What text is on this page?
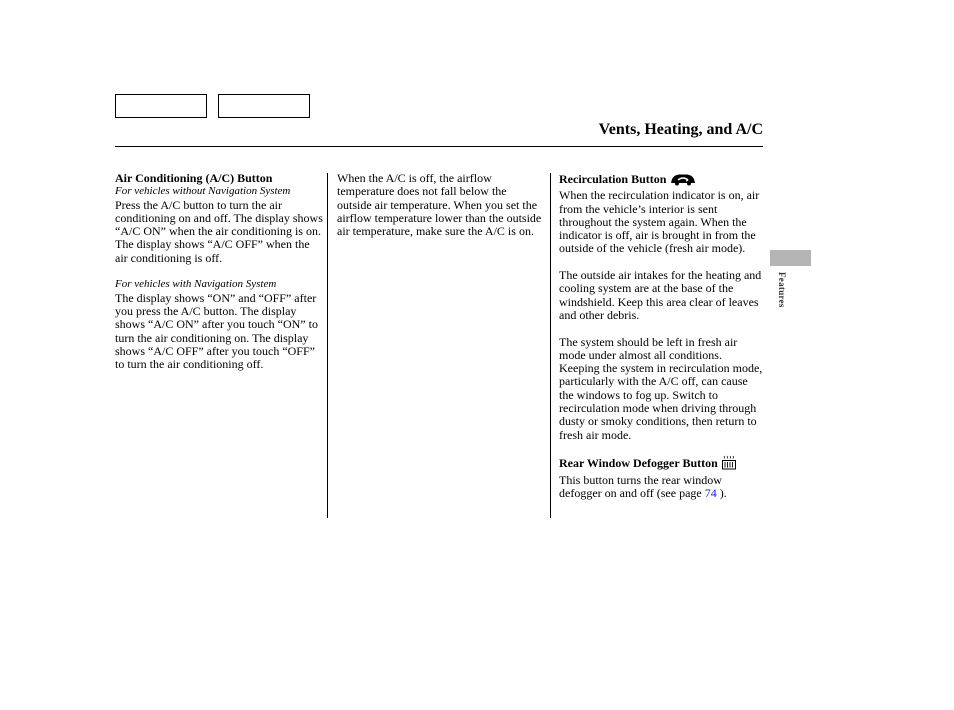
Vents, Heating, and A/C

Air Conditioning (A/C) Button

For vehicles without Navigation System

Press the A/C button to turn the air conditioning on and off. The display shows “A/C ON” when the air conditioning is on. The display shows “A/C OFF” when the air conditioning is off.

For vehicles with Navigation System

The display shows “ON” and “OFF” after you press the A/C button. The display shows “A/C ON” after you touch “ON” to turn the air conditioning on. The display shows “A/C OFF” after you touch “OFF” to turn the air conditioning off.

When the A/C is off, the airflow temperature does not fall below the outside air temperature. When you set the airflow temperature lower than the outside air temperature, make sure the A/C is on.

Recirculation Button

When the recirculation indicator is on, air from the vehicle’s interior is sent throughout the system again. When the indicator is off, air is brought in from the outside of the vehicle (fresh air mode).

The outside air intakes for the heating and cooling system are at the base of the windshield. Keep this area clear of leaves and other debris.

The system should be left in fresh air mode under almost all conditions. Keeping the system in recirculation mode, particularly with the A/C off, can cause the windows to fog up. Switch to recirculation mode when driving through dusty or smoky conditions, then return to fresh air mode.

Rear Window Defogger Button

This button turns the rear window defogger on and off (see page 74 ).

Features
